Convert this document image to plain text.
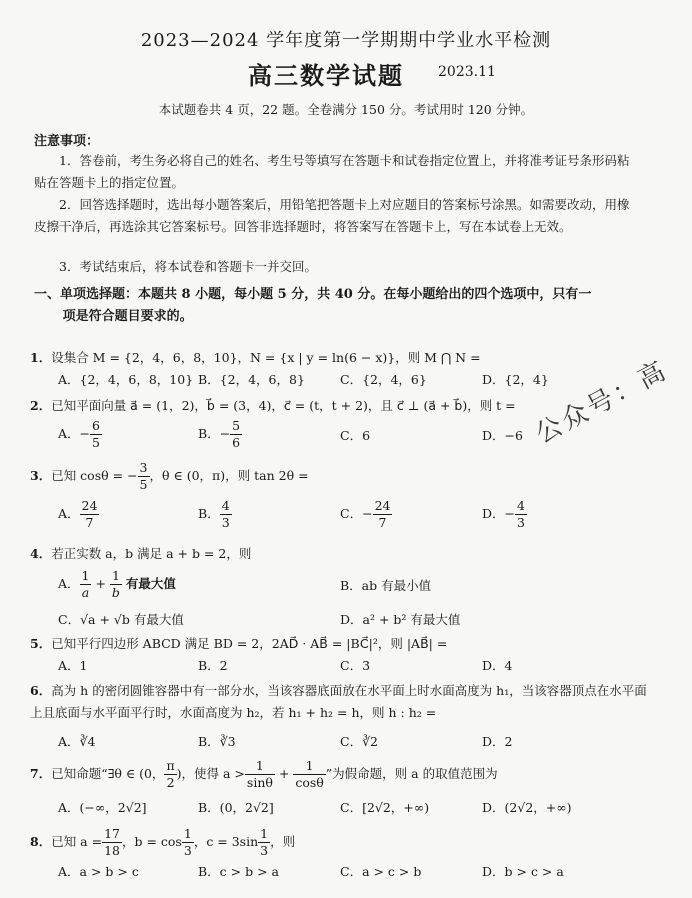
2023—2024 学年度第一学期期中学业水平检测
高三数学试题 2023.11
本试题卷共 4 页，22 题。全卷满分 150 分。考试用时 120 分钟。
注意事项：
1．答卷前，考生务必将自己的姓名、考生号等填写在答题卡和试卷指定位置上，并将准考证号条形码粘贴在答题卡上的指定位置。
2．回答选择题时，选出每小题答案后，用铅笔把答题卡上对应题目的答案标号涂黑。如需要改动，用橡皮擦干净后，再选涂其它答案标号。回答非选择题时，将答案写在答题卡上，写在本试卷上无效。
3．考试结束后，将本试卷和答题卡一并交回。
一、单项选择题：本题共 8 小题，每小题 5 分，共 40 分。在每小题给出的四个选项中，只有一
项是符合题目要求的。
1．设集合 M = {2，4，6，8，10}，N = {x | y = ln(6 − x)}，则 M ⋂ N =
A．{2，4，6，8，10} B．{2，4，6，8}	C．{2，4，6}	D．{2，4}
2．已知平面向量 a⃗ = (1，2)，b⃗ = (3，4)，c⃗ = (t，t + 2)，且 c⃗ ⊥ (a⃗ + b⃗)，则 t =
A．− $\frac{6}{5}$	B．− $\frac{5}{6}$	C．6	D．−6
3．已知 cosθ = − $\frac{3}{5}$ ，θ ∈ (0，π)，则 tan 2θ =
A． $\frac{24}{7}$	B． $\frac{4}{3}$	C．− $\frac{24}{7}$	D．− $\frac{4}{3}$
4．若正实数 a，b 满足 a + b = 2，则
A． $\frac{1}{a} + \frac{1}{b}$ 有最大值	B．ab 有最小值
C．√a + √b 有最大值	D．a² + b² 有最大值
5．已知平行四边形 ABCD 满足 BD = 2，2AD⃗ · AB⃗ = |BC⃗|²，则 |AB⃗| =
A．1	B．2	C．3	D．4
6．高为 h 的密闭圆锥容器中有一部分水，当该容器底面放在水平面上时水面高度为 h₁，当该容器顶点在水平面上且底面与水平面平行时，水面高度为 h₂，若 h₁ + h₂ = h，则 h : h₂ =
A．∛4	B．∛3	C．∛2	D．2
7．已知命题“∃θ ∈ (0， $\frac{\pi}{2}$ )，使得 $a > \frac{1}{\sin\theta} + \frac{1}{\cos\theta}$ ”为假命题，则 a 的取值范围为
A．(−∞，2√2]	B．(0，2√2]	C．[2√2，+∞)	D．(2√2，+∞)
8．已知 $a = \frac{17}{18}$ ，$b = \cos \frac{1}{3}$ ，$c = 3\sin \frac{1}{3}$ ，则
A．a > b > c	B．c > b > a	C．a > c > b	D．b > c > a
公众号：高
